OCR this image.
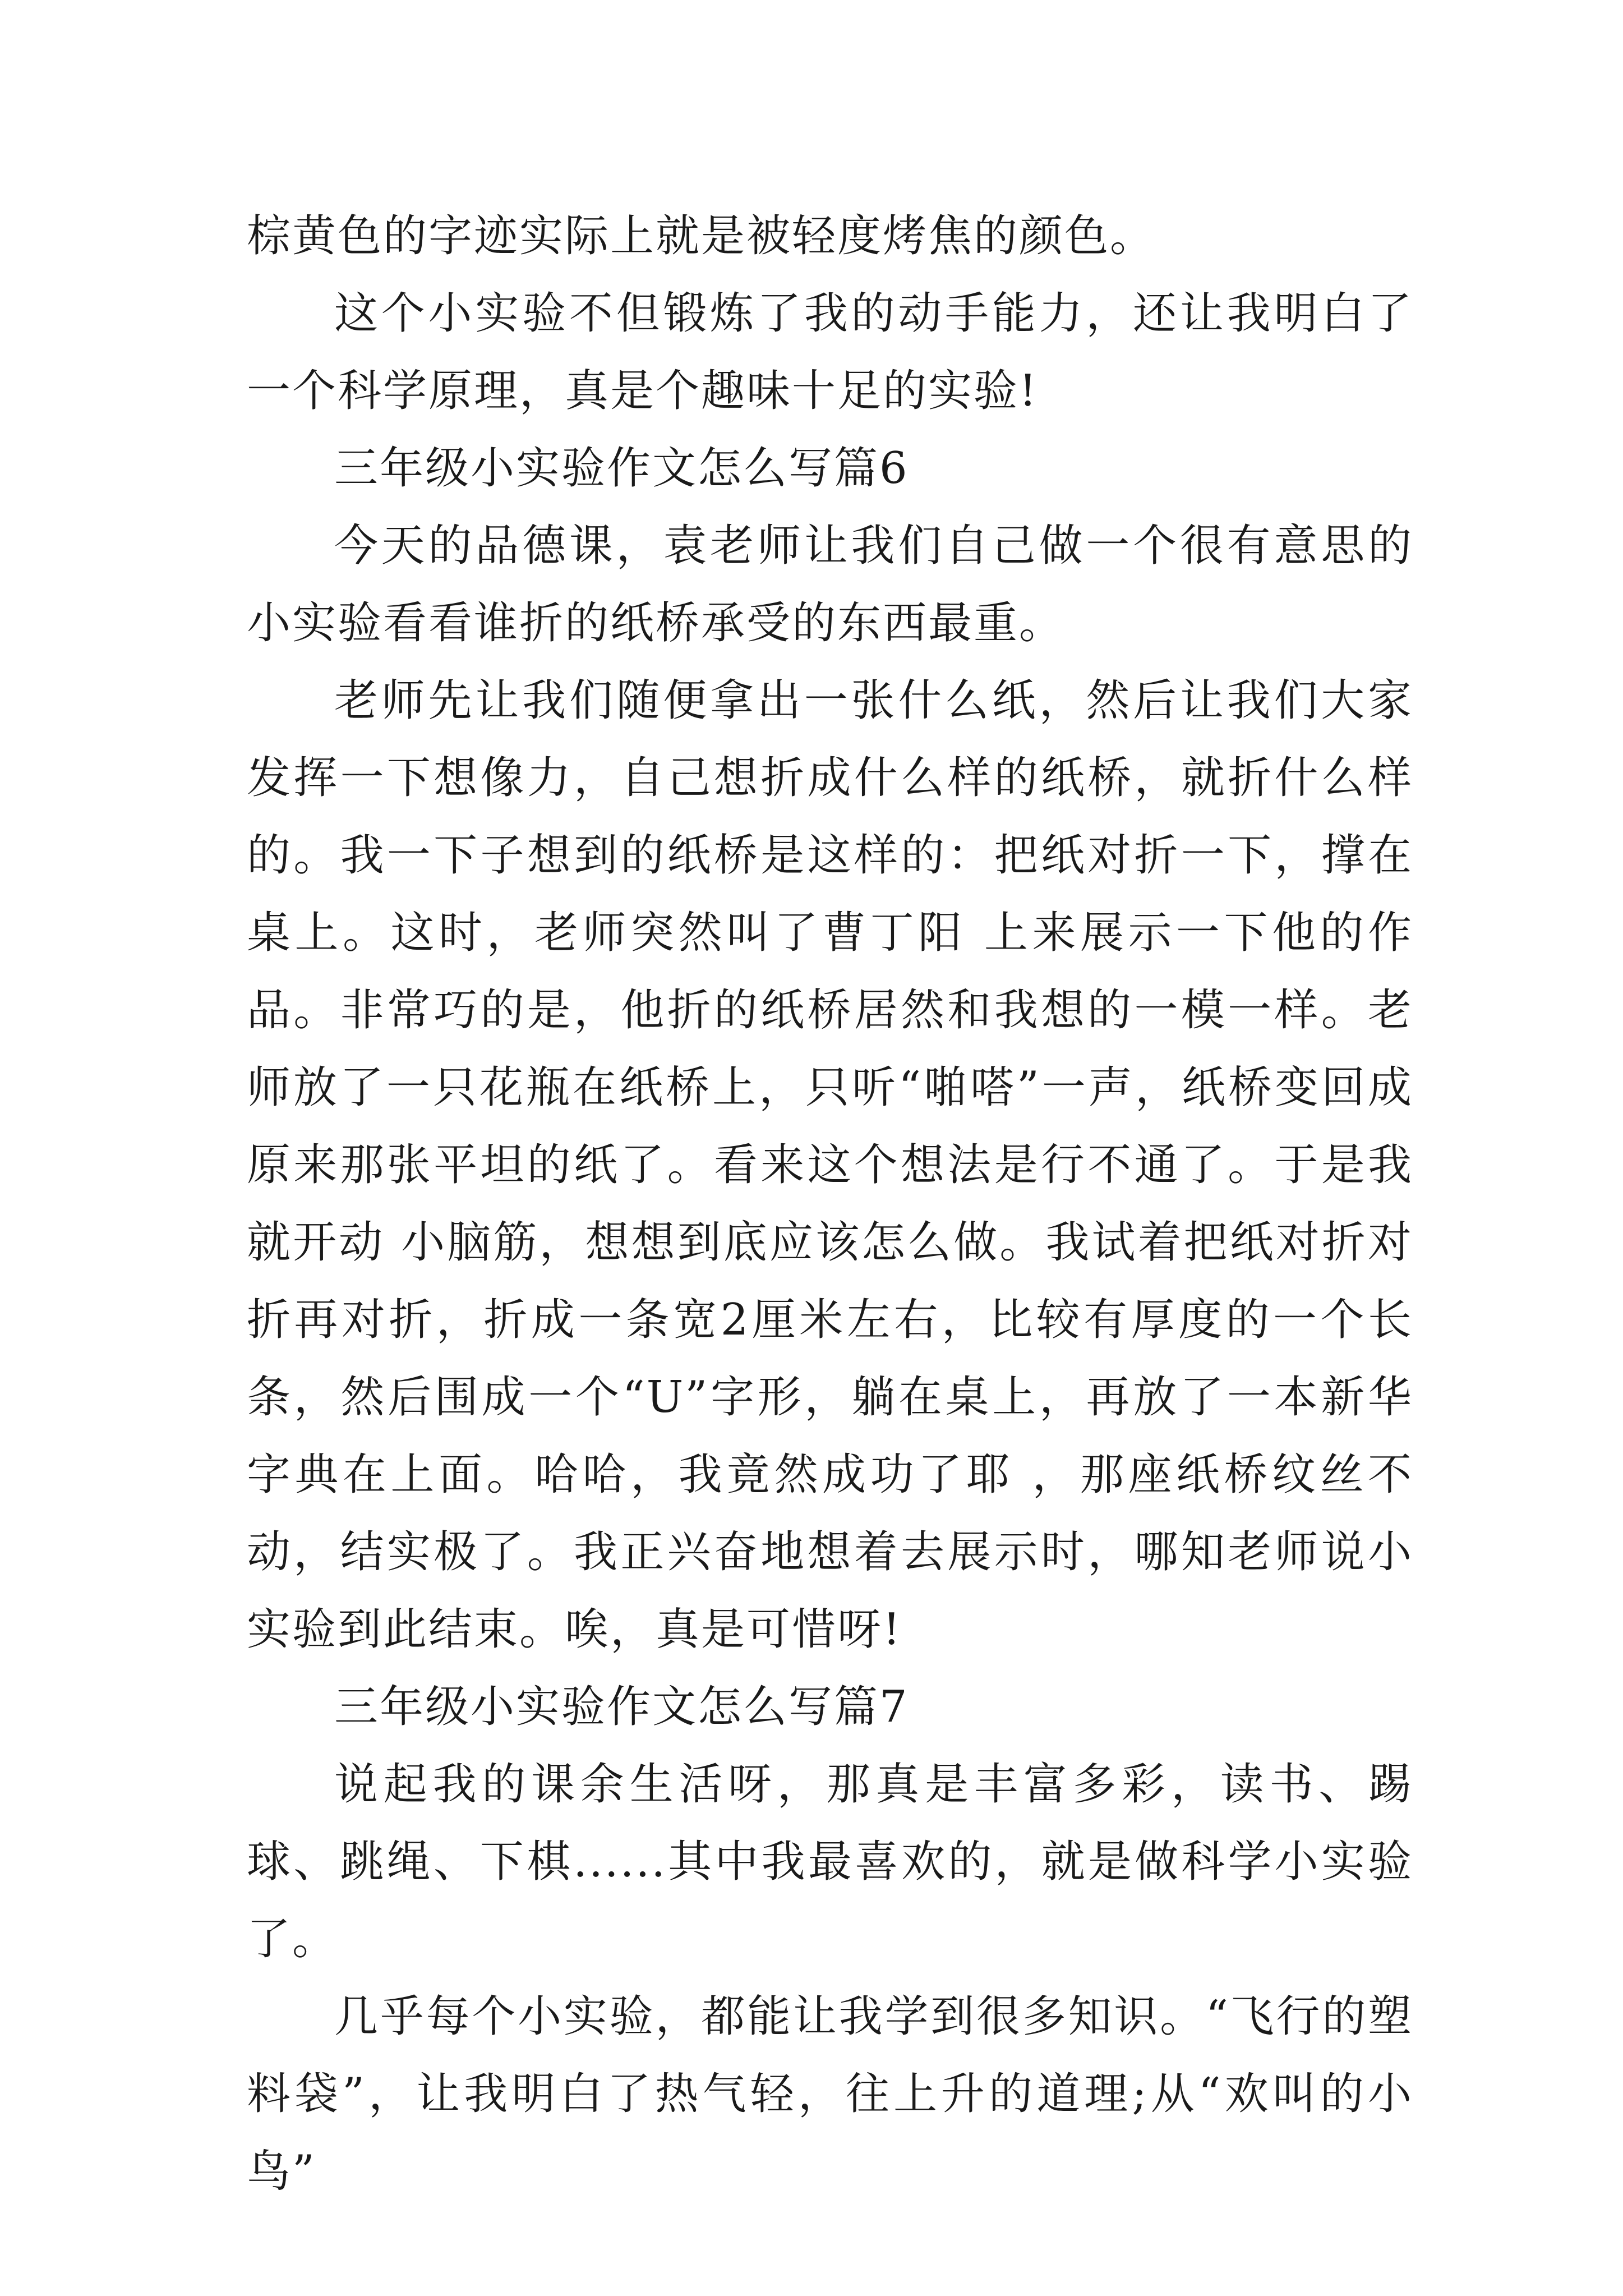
棕黄色的字迹实际上就是被轻度烤焦的颜色。

这个小实验不但锻炼了我的动手能力，还让我明白了一个科学原理，真是个趣味十足的实验!

三年级小实验作文怎么写篇6

今天的品德课，袁老师让我们自己做一个很有意思的小实验看看谁折的纸桥承受的东西最重。

老师先让我们随便拿出一张什么纸，然后让我们大家发挥一下想像力，自己想折成什么样的纸桥，就折什么样的。我一下子想到的纸桥是这样的：把纸对折一下，撑在桌上。这时，老师突然叫了曹丁阳 上来展示一下他的作品。非常巧的是，他折的纸桥居然和我想的一模一样。老师放了一只花瓶在纸桥上，只听“啪嗒”一声，纸桥变回成原来那张平坦的纸了。看来这个想法是行不通了。于是我就开动 小脑筋，想想到底应该怎么做。我试着把纸对折对折再对折，折成一条宽2厘米左右，比较有厚度的一个长条，然后围成一个“U”字形，躺在桌上，再放了一本新华字典在上面。哈哈，我竟然成功了耶 ，那座纸桥纹丝不动，结实极了。我正兴奋地想着去展示时，哪知老师说小实验到此结束。唉，真是可惜呀!

三年级小实验作文怎么写篇7

说起我的课余生活呀，那真是丰富多彩，读书、踢球、跳绳、下棋......其中我最喜欢的，就是做科学小实验了。

几乎每个小实验，都能让我学到很多知识。“飞行的塑料袋”，让我明白了热气轻，往上升的道理;从“欢叫的小鸟”
